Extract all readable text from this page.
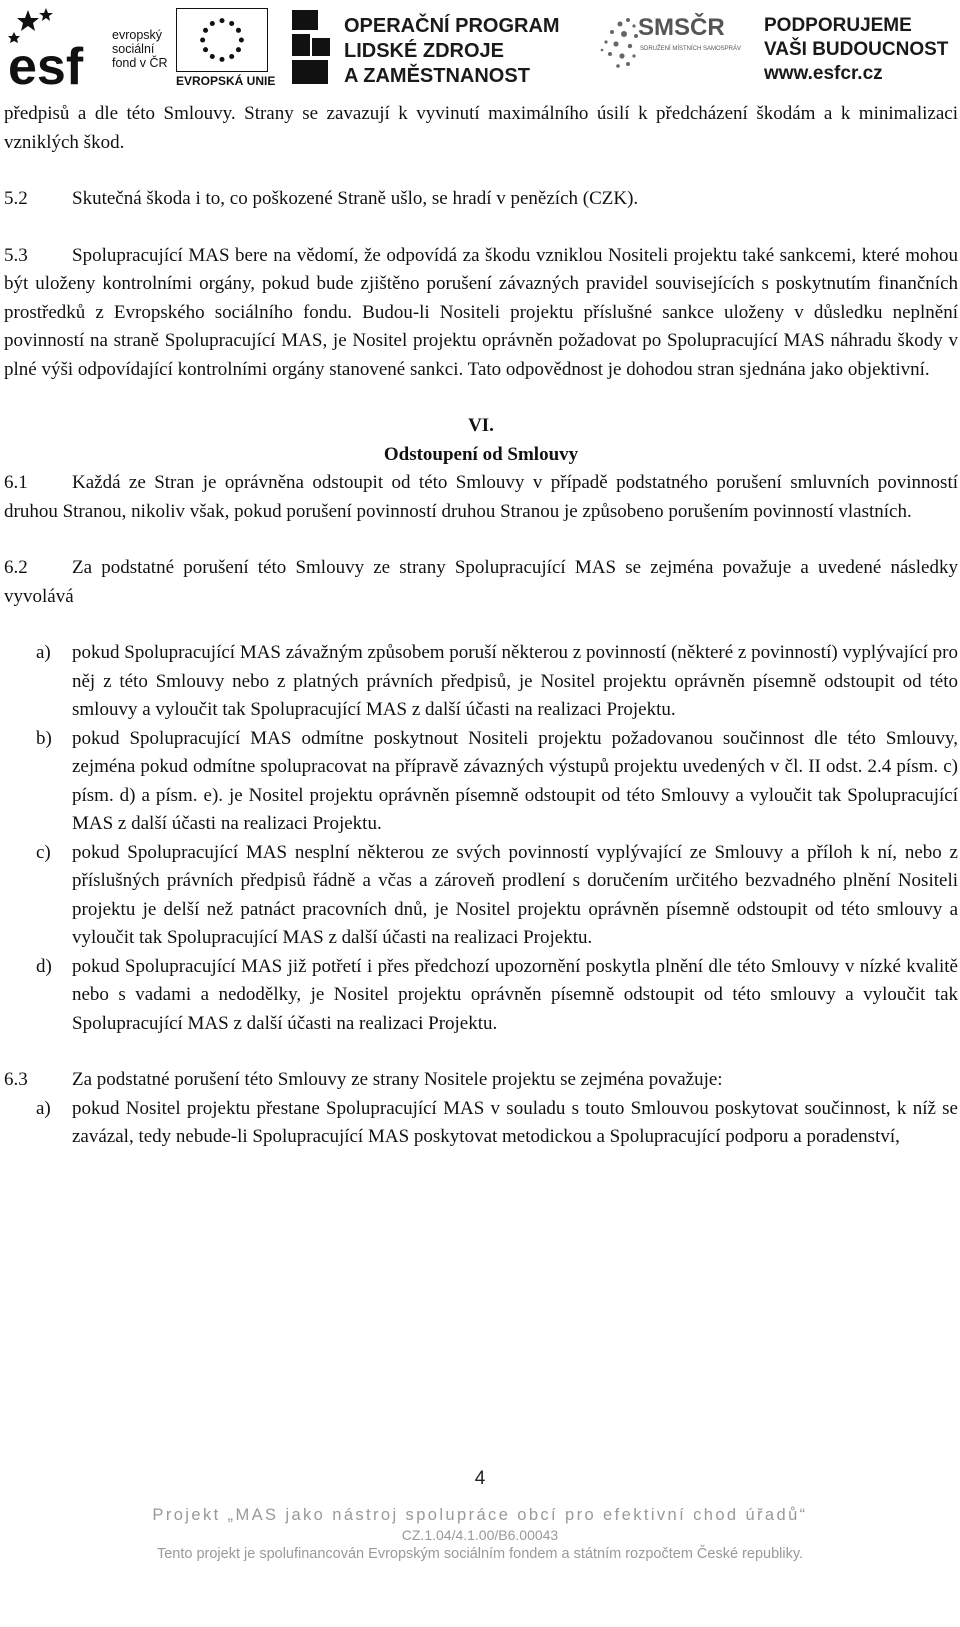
esf
evropský
sociální
fond v ČR
EVROPSKÁ UNIE
OPERAČNÍ PROGRAM
LIDSKÉ ZDROJE
A ZAMĚSTNANOST
SMSČR
SDRUŽENÍ MÍSTNÍCH SAMOSPRÁV
PODPORUJEME
VAŠI BUDOUCNOST
www.esfcr.cz

předpisů a dle této Smlouvy. Strany se zavazují k vyvinutí maximálního úsilí k předcházení škodám a k minimalizaci vzniklých škod.

5.2 Skutečná škoda i to, co poškozené Straně ušlo, se hradí v penězích (CZK).

5.3 Spolupracující MAS bere na vědomí, že odpovídá za škodu vzniklou Nositeli projektu také sankcemi, které mohou být uloženy kontrolními orgány, pokud bude zjištěno porušení závazných pravidel souvisejících s poskytnutím finančních prostředků z Evropského sociálního fondu. Budou-li Nositeli projektu příslušné sankce uloženy v důsledku neplnění povinností na straně Spolupracující MAS, je Nositel projektu oprávněn požadovat po Spolupracující MAS náhradu škody v plné výši odpovídající kontrolními orgány stanovené sankci. Tato odpovědnost je dohodou stran sjednána jako objektivní.

VI.

Odstoupení od Smlouvy

6.1 Každá ze Stran je oprávněna odstoupit od této Smlouvy v případě podstatného porušení smluvních povinností druhou Stranou, nikoliv však, pokud porušení povinností druhou Stranou je způsobeno porušením povinností vlastních.

6.2 Za podstatné porušení této Smlouvy ze strany Spolupracující MAS se zejména považuje a uvedené následky vyvolává

a) pokud Spolupracující MAS závažným způsobem poruší některou z povinností (některé z povinností) vyplývající pro něj z této Smlouvy nebo z platných právních předpisů, je Nositel projektu oprávněn písemně odstoupit od této smlouvy a vyloučit tak Spolupracující MAS z další účasti na realizaci Projektu.

b) pokud Spolupracující MAS odmítne poskytnout Nositeli projektu požadovanou součinnost dle této Smlouvy, zejména pokud odmítne spolupracovat na přípravě závazných výstupů projektu uvedených v čl. II odst. 2.4 písm. c) písm. d) a písm. e). je Nositel projektu oprávněn písemně odstoupit od této Smlouvy a vyloučit tak Spolupracující MAS z další účasti na realizaci Projektu.

c) pokud Spolupracující MAS nesplní některou ze svých povinností vyplývající ze Smlouvy a příloh k ní, nebo z příslušných právních předpisů řádně a včas a zároveň prodlení s doručením určitého bezvadného plnění Nositeli projektu je delší než patnáct pracovních dnů, je Nositel projektu oprávněn písemně odstoupit od této smlouvy a vyloučit tak Spolupracující MAS z další účasti na realizaci Projektu.

d) pokud Spolupracující MAS již potřetí i přes předchozí upozornění poskytla plnění dle této Smlouvy v nízké kvalitě nebo s vadami a nedodělky, je Nositel projektu oprávněn písemně odstoupit od této smlouvy a vyloučit tak Spolupracující MAS z další účasti na realizaci Projektu.

6.3 Za podstatné porušení této Smlouvy ze strany Nositele projektu se zejména považuje:

a) pokud Nositel projektu přestane Spolupracující MAS v souladu s touto Smlouvou poskytovat součinnost, k níž se zavázal, tedy nebude-li Spolupracující MAS poskytovat metodickou a Spolupracující podporu a poradenství,

4
Projekt „MAS jako nástroj spolupráce obcí pro efektivní chod úřadů“
CZ.1.04/4.1.00/B6.00043
Tento projekt je spolufinancován Evropským sociálním fondem a státním rozpočtem České republiky.
